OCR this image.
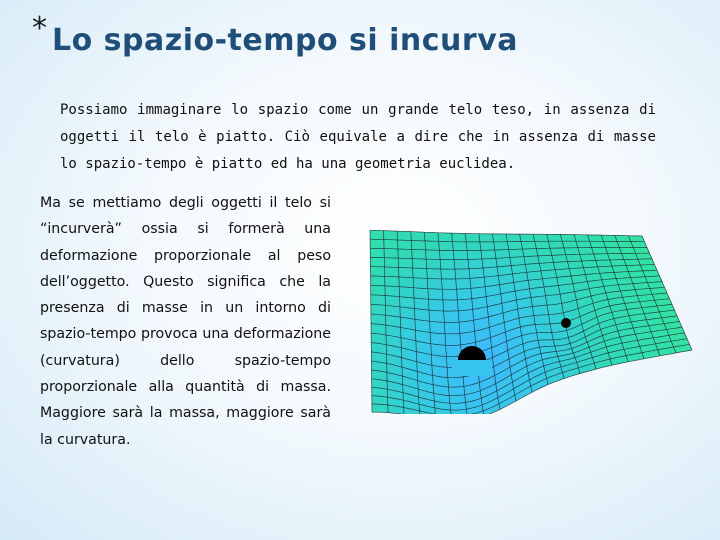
* Lo spazio-tempo si incurva

Possiamo immaginare lo spazio come un grande telo teso, in assenza di oggetti il telo è piatto. Ciò equivale a dire che in assenza di masse lo spazio-tempo è piatto ed ha una geometria euclidea.

Ma se mettiamo degli oggetti il telo si “incurverà” ossia si formerà una deformazione proporzionale al peso dell’oggetto. Questo significa che la presenza di masse in un intorno di spazio-tempo provoca una deformazione (curvatura) dello spazio-tempo proporzionale alla quantità di massa. Maggiore sarà la massa, maggiore sarà la curvatura.
